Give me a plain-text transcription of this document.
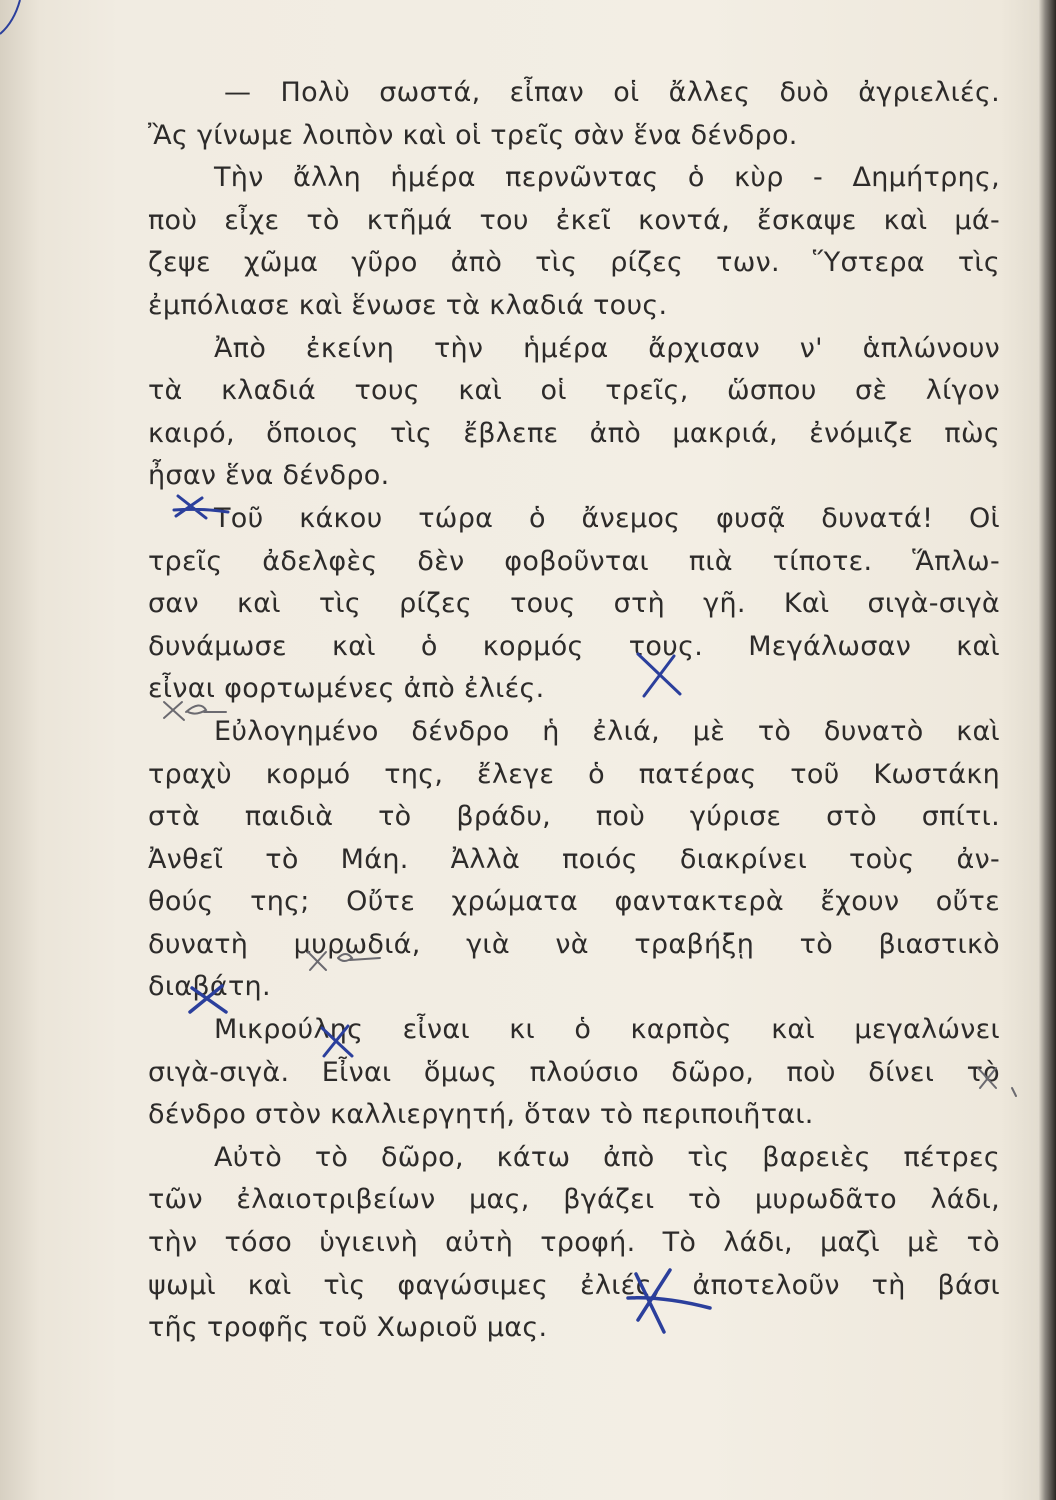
— Πολὺ σωστά, εἶπαν οἱ ἄλλες δυὸ ἀγριελιές.
Ἂς γίνωμε λοιπὸν καὶ οἱ τρεῖς σὰν ἕνα δένδρο.
Τὴν ἄλλη ἡμέρα περνῶντας ὁ κὺρ - Δημήτρης,
ποὺ εἶχε τὸ κτῆμά του ἐκεῖ κοντά, ἔσκαψε καὶ μά-
ζεψε χῶμα γῦρο ἀπὸ τὶς ρίζες των. Ὕστερα τὶς
ἐμπόλιασε καὶ ἕνωσε τὰ κλαδιά τους.
Ἀπὸ ἐκείνη τὴν ἡμέρα ἄρχισαν ν' ἁπλώνουν
τὰ κλαδιά τους καὶ οἱ τρεῖς, ὥσπου σὲ λίγον
καιρό, ὅποιος τὶς ἔβλεπε ἀπὸ μακριά, ἐνόμιζε πὼς
ἦσαν ἕνα δένδρο.
Τοῦ κάκου τώρα ὁ ἄνεμος φυσᾷ δυνατά! Οἱ
τρεῖς ἀδελφὲς δὲν φοβοῦνται πιὰ τίποτε. Ἅπλω-
σαν καὶ τὶς ρίζες τους στὴ γῆ. Καὶ σιγὰ-σιγὰ
δυνάμωσε καὶ ὁ κορμός τους. Μεγάλωσαν καὶ
εἶναι φορτωμένες ἀπὸ ἐλιές.
Εὐλογημένο δένδρο ἡ ἐλιά, μὲ τὸ δυνατὸ καὶ
τραχὺ κορμό της, ἔλεγε ὁ πατέρας τοῦ Κωστάκη
στὰ παιδιὰ τὸ βράδυ, ποὺ γύρισε στὸ σπίτι.
Ἀνθεῖ τὸ Μάη. Ἀλλὰ ποιός διακρίνει τοὺς ἀν-
θούς της; Οὔτε χρώματα φαντακτερὰ ἔχουν οὔτε
δυνατὴ μυρωδιά, γιὰ νὰ τραβήξῃ τὸ βιαστικὸ
διαβάτη.
Μικρούλης εἶναι κι ὁ καρπὸς καὶ μεγαλώνει
σιγὰ-σιγὰ. Εἶναι ὅμως πλούσιο δῶρο, ποὺ δίνει τὸ
δένδρο στὸν καλλιεργητή, ὅταν τὸ περιποιῆται.
Αὐτὸ τὸ δῶρο, κάτω ἀπὸ τὶς βαρειὲς πέτρες
τῶν ἐλαιοτριβείων μας, βγάζει τὸ μυρωδᾶτο λάδι,
τὴν τόσο ὑγιεινὴ αὐτὴ τροφή. Τὸ λάδι, μαζὶ μὲ τὸ
ψωμὶ καὶ τὶς φαγώσιμες ἐλιές, ἀποτελοῦν τὴ βάσι
τῆς τροφῆς τοῦ Χωριοῦ μας.
